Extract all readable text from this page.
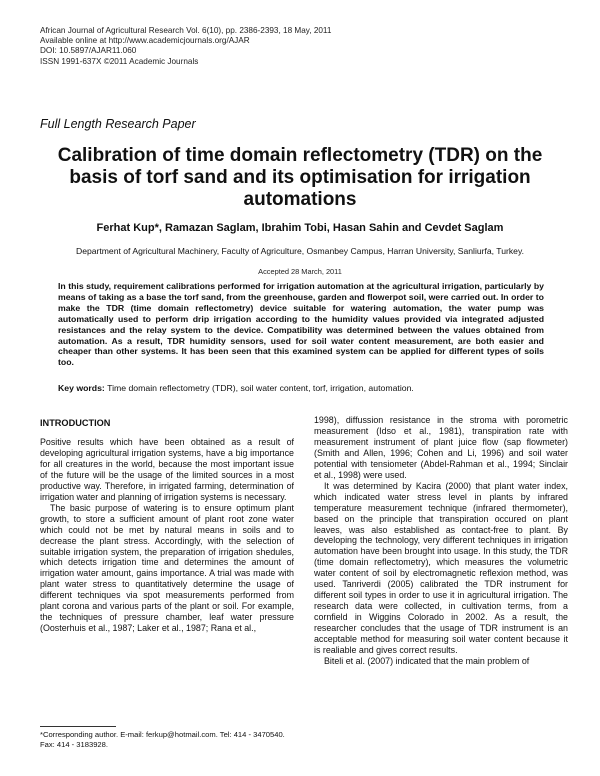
African Journal of Agricultural Research Vol. 6(10), pp. 2386-2393, 18 May, 2011
Available online at http://www.academicjournals.org/AJAR
DOI: 10.5897/AJAR11.060
ISSN 1991-637X ©2011 Academic Journals
Full Length Research Paper
Calibration of time domain reflectometry (TDR) on the basis of torf sand and its optimisation for irrigation automations
Ferhat Kup*, Ramazan Saglam, Ibrahim Tobi, Hasan Sahin and Cevdet Saglam
Department of Agricultural Machinery, Faculty of Agriculture, Osmanbey Campus, Harran University, Sanliurfa, Turkey.
Accepted 28 March, 2011
In this study, requirement calibrations performed for irrigation automation at the agricultural irrigation, particularly by means of taking as a base the torf sand, from the greenhouse, garden and flowerpot soil, were carried out. In order to make the TDR (time domain reflectometry) device suitable for watering automation, the water pump was automatically used to perform drip irrigation according to the humidity values provided via integrated adjusted resistances and the relay system to the device. Compatibility was determined between the values obtained from automation. As a result, TDR humidity sensors, used for soil water content measurement, are both easier and cheaper than other systems. It has been seen that this examined system can be applied for different types of soils too.
Key words: Time domain reflectometry (TDR), soil water content, torf, irrigation, automation.
INTRODUCTION

Positive results which have been obtained as a result of developing agricultural irrigation systems, have a big importance for all creatures in the world, because the most important issue of the future will be the usage of the limited sources in a most productive way. Therefore, in irrigated farming, determination of irrigation water and planning of irrigation systems is necessary.

The basic purpose of watering is to ensure optimum plant growth, to store a sufficient amount of plant root zone water which could not be met by natural means in soils and to decrease the plant stress. Accordingly, with the selection of suitable irrigation system, the preparation of irrigation shedules, which detects irrigation time and determines the amount of irrigation water amount, gains importance. A trial was made with plant water stress to quantitatively determine the usage of different techniques via spot measurements performed from plant corona and various parts of the plant or soil. For example, the techniques of pressure chamber, leaf water pressure (Oosterhuis et al., 1987; Laker et al., 1987; Rana et al.,

1998), diffussion resistance in the stroma with porometric measurement (Idso et al., 1981), transpiration rate with measurement instrument of plant juice flow (sap flowmeter) (Smith and Allen, 1996; Cohen and Li, 1996) and soil water potential with tensiometer (Abdel-Rahman et al., 1994; Sinclair et al., 1998) were used.

It was determined by Kacira (2000) that plant water index, which indicated water stress level in plants by infrared temperature measurement technique (infrared thermometer), based on the principle that transpiration occured on plant leaves, was also established as contact-free to plant. By developing the technology, very different techniques in irrigation automation have been brought into usage. In this study, the TDR (time domain reflectometry), which measures the volumetric water content of soil by electromagnetic reflexion method, was used. Tanriverdi (2005) calibrated the TDR instrument for different soil types in order to use it in agricultural irrigation. The research data were collected, in cultivation terms, from a cornfield in Wiggins Colorado in 2002. As a result, the researcher concludes that the usage of TDR instrument is an acceptable method for measuring soil water content because it is realiable and gives correct results.

Biteli et al. (2007) indicated that the main problem of

*Corresponding author. E-mail: ferkup@hotmail.com. Tel: 414 - 3470540. Fax: 414 - 3183928.
